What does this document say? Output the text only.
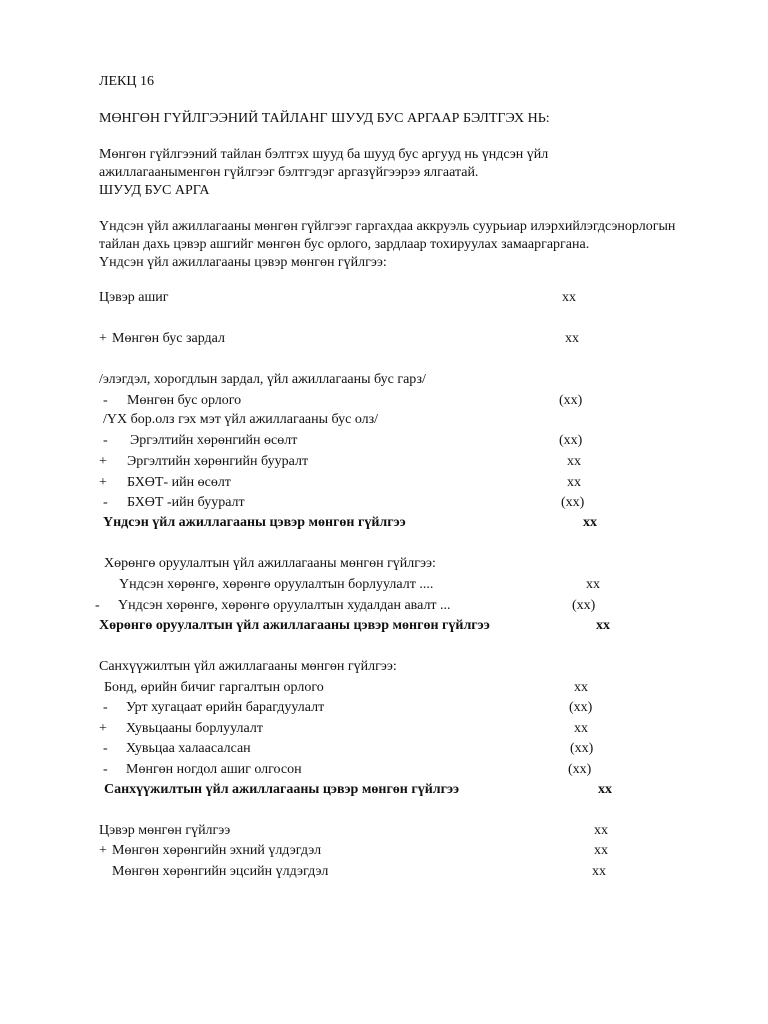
ЛЕКЦ 16
МӨНГӨН ГҮЙЛГЭЭНИЙ ТАЙЛАНГ ШУУД БУС АРГААР БЭЛТГЭХ НЬ:
Мөнгөн гүйлгээний тайлан бэлтгэх шууд ба шууд бус аргууд нь үндсэн үйл
ажиллагааныменгөн гүйлгээг бэлтгэдэг аргазүйгээрээ ялгаатай.
ШУУД БУС АРГА
Үндсэн үйл ажиллагааны мөнгөн гүйлгээг гаргахдаа аккруэль суурьиар илэрхийлэгдсэнорлогын
тайлан дахь цэвэр ашгийг мөнгөн бус орлого, зардлаар тохируулах замааргаргана.
Үндсэн үйл ажиллагааны цэвэр мөнгөн гүйлгээ:
Цэвэр ашиг	xx
+ Мөнгөн бус зардал	xx
/элэгдэл, хорогдлын зардал, үйл ажиллагааны бус гарз/
- Мөнгөн бус орлого	(xx)
/ҮХ бор.олз гэх мэт үйл ажиллагааны бус олз/
- Эргэлтийн хөрөнгийн өсөлт	(xx)
+ Эргэлтийн хөрөнгийн бууралт	xx
+ БХӨТ- ийн өсөлт	xx
- БХӨТ -ийн бууралт	(xx)
Үндсэн үйл ажиллагааны цэвэр мөнгөн гүйлгээ	xx
Хөрөнгө оруулалтын үйл ажиллагааны мөнгөн гүйлгээ:
Үндсэн хөрөнгө, хөрөнгө оруулалтын борлуулалт ....	xx
- Үндсэн хөрөнгө, хөрөнгө оруулалтын худалдан авалт ...	(xx)
Хөрөнгө оруулалтын үйл ажиллагааны цэвэр мөнгөн гүйлгээ	xx
Санхүүжилтын үйл ажиллагааны мөнгөн гүйлгээ:
Бонд, өрийн бичиг гаргалтын орлого	xx
- Урт хугацаат өрийн барагдуулалт	(xx)
+ Хувьцааны борлуулалт	xx
- Хувьцаа халаасалсан	(xx)
- Мөнгөн ногдол ашиг олгосон	(xx)
Санхүүжилтын үйл ажиллагааны цэвэр мөнгөн гүйлгээ	xx
Цэвэр мөнгөн гүйлгээ	xx
+ Мөнгөн хөрөнгийн эхний үлдэгдэл	xx
Мөнгөн хөрөнгийн эцсийн үлдэгдэл	xx
